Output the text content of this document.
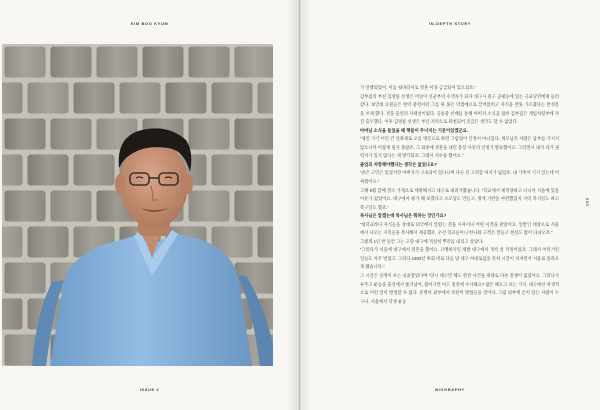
KIM BOO KYUM	IN-DEPTH STORY

가 연행되었어. 이를 뒷바라지로 결혼 이상 금급되어 있으셨죠.”

김부겸의 부친 김영룡 선생은 어릴이 신군부의 수색자가 되자 대구시 중구 공평동에 있는 극교난민에게 들려갔다. 보안대 요원들은 현역 중령이던 그를 위 몽은 약점에으로 끌어앉히고 자식을 잘못 가르쳤다는 반성문을 쓰게 했다. 결을 돌연의 자택살이였다. 공통중 선배를 통해 아버지 소식을 접한 김부겸은 계엄사령부에 자진 출두했다. 이후 김영룡 선생은 부산 지역으로 좌천되어 진급은 생각도 할 수 없었다.

아버님 소식을 들었을 때 책들이 무너지는 기분이었겠군요.

“제일 가기 어린 건 연좌제로 오를 병문으로 하면 그럼었어 인정이 아니었다. 계모님의 사람은 납부를 가지지 않으니까 이렇게 될지 몰랐죠. 그 와중에 결혼을 내린 용장 사진의 인정가 발표했어요. 그러면서 내가 과거 권력자가 있지 않다는 게 발각되죠. 그래서 저수용 했어요.”

졸업의 저항해야했다는 생각은 없었나요?

“졸은 고민은 있었지만 아버지가 구속되어 있다니며 다른 길 고려할 여지가 없었죠. 내 가족이 기기 있는데 어쩌겠어요.”

그해 8월 할배 결소 가게으로 세멍해지고 대구로 내려가왔습니다. “학교에서 제적당하고 나니까 서울에 있을 이유가 없었어요. 대구에서 평가 해 보겠다고 소모임도 만들고, 생계 기반을 마련했었지 지역 복지일도 하고 복구일도 했죠.”

목사님은 알겠는데 복사님은 뭐하는 것인가요?

“대학교라나 자식들을 상대로 외국에서 알렸는 것을 사자이나 어떤 서적을 팔았어요. 일반인 대상으로 서울에서 나오는 지적들을 복사해서 제공했죠. 우선 학교들이니 한나와 고객은 만들고 현실도 많이 다녀오죠.”

그렇게 1년 반 동안 그는 고향 대구에 적실히 뿌리를 내리고 살았다.

“그러다가 서울에 대구에서 결혼을 했어요. 고맹하지인 제발 대구에서 개씩 살 작정이었죠. 그래서 이런거런 일들도 자꾸 벌였고. 그러다 1983년 후회 비로 다들 당 대구 여대로임을 특히 시간이 치져면서 서울로 올라오게 됐습니다.”

그 시간은 상생이 루는 실윤할었다며 “당시 대구만 해도 완전 사건을 제대로 다론 전쟁이 없었어요. 그러나가 투주고 운동을 출신에서 쫓겨났어, 잡아가면 아드 링결에 수사해요? 많은 해요고 보는 거지. 대구에선 차생적으로 이런 일이 발생할 수 없다. 분명히 외부에서 폭탄이 방법들을 것이다. 그럼 외부에 온이 있는 사람이 누구나. 서울에서 학생 운동

033
ISSUE 2	BIOGRAPHY
